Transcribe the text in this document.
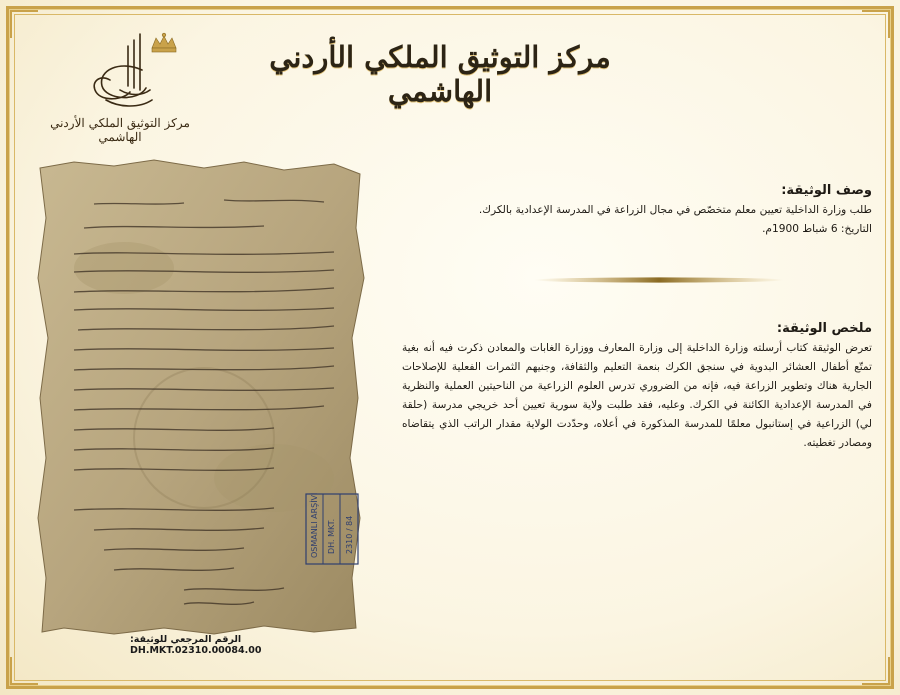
مركز التوثيق الملكي الأردني الهاشمي
مركز التوثيق الملكي الأردني الهاشمي
OSMANLI ARŞİVİ DH. MKT. 2310 / 84
الرقم المرجعي للوثيقة: DH.MKT.02310.00084.00
وصف الوثيقة:

طلب وزارة الداخلية تعيين معلم متخصّص في مجال الزراعة في المدرسة الإعدادية بالكرك.

التاريخ: 6 شباط 1900م.

ملخص الوثيقة:

تعرض الوثيقة كتاب أرسلته وزارة الداخلية إلى وزارة المعارف ووزارة الغابات والمعادن ذكرت فيه أنه بغية تمتّع أطفال العشائر البدوية في سنجق الكرك بنعمة التعليم والثقافة، وجنيهم الثمرات الفعلية للإصلاحات الجارية هناك وتطوير الزراعة فيه، فإنه من الضروري تدرس العلوم الزراعية من الناحيتين العملية والنظرية في المدرسة الإعدادية الكائنة في الكرك. وعليه، فقد طلبت ولاية سورية تعيين أحد خريجي مدرسة (حلقة لي) الزراعية في إستانبول معلمًا للمدرسة المذكورة في أعلاه، وحدّدت الولاية مقدار الراتب الذي يتقاضاه ومصادر تغطيته.
